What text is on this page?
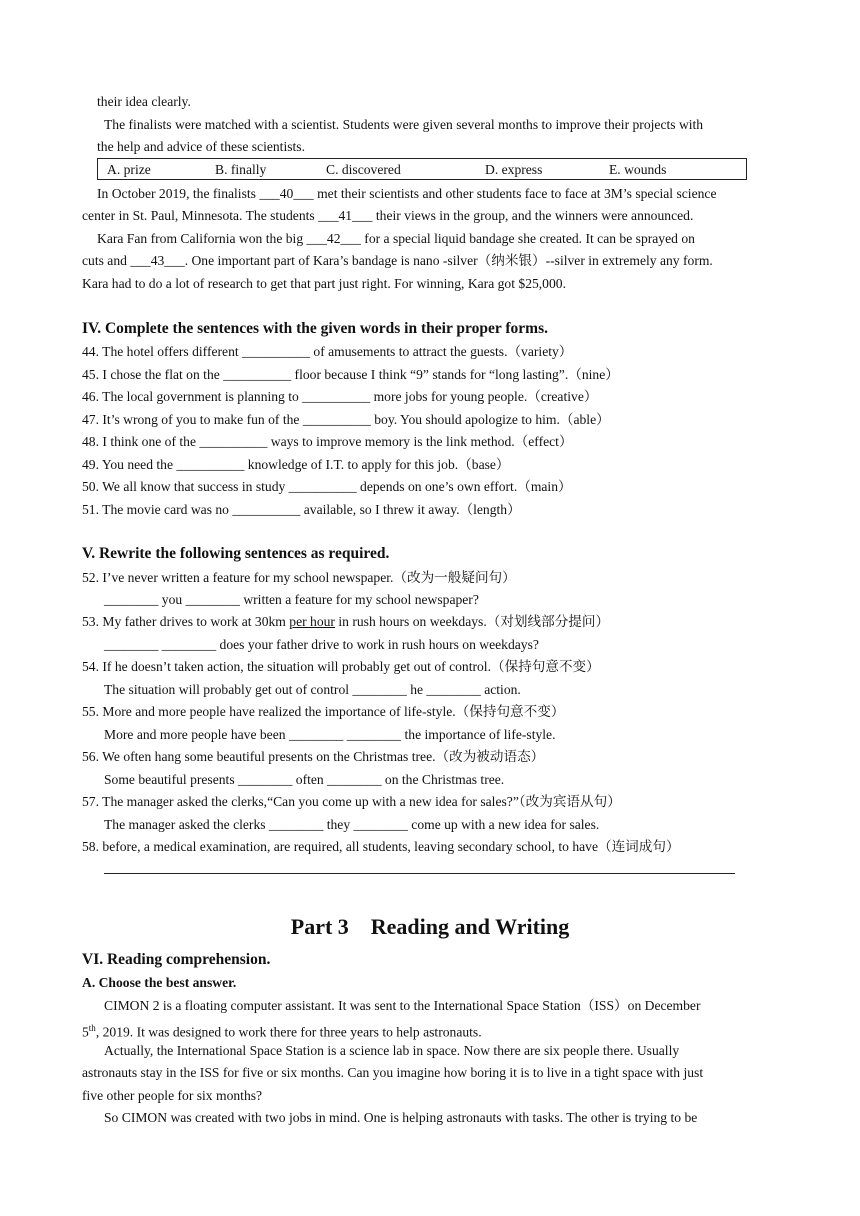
their idea clearly.
The finalists were matched with a scientist. Students were given several months to improve their projects with
the help and advice of these scientists.
A. prize	B. finally	C. discovered	D. express	E. wounds
In October 2019, the finalists ___40___ met their scientists and other students face to face at 3M’s special science
center in St. Paul, Minnesota. The students ___41___ their views in the group, and the winners were announced.
Kara Fan from California won the big ___42___ for a special liquid bandage she created. It can be sprayed on
cuts and ___43___. One important part of Kara’s bandage is nano -silver（纳米银）--silver in extremely any form.
Kara had to do a lot of research to get that part just right. For winning, Kara got $25,000.
IV. Complete the sentences with the given words in their proper forms.
44. The hotel offers different __________ of amusements to attract the guests.（variety）
45. I chose the flat on the __________ floor because I think “9” stands for “long lasting”.（nine）
46. The local government is planning to __________ more jobs for young people.（creative）
47. It’s wrong of you to make fun of the __________ boy. You should apologize to him.（able）
48. I think one of the __________ ways to improve memory is the link method.（effect）
49. You need the __________ knowledge of I.T. to apply for this job.（base）
50. We all know that success in study __________ depends on one’s own effort.（main）
51. The movie card was no __________ available, so I threw it away.（length）
V. Rewrite the following sentences as required.
52. I’ve never written a feature for my school newspaper.（改为一般疑问句）
________ you ________ written a feature for my school newspaper?
53. My father drives to work at 30km per hour in rush hours on weekdays.（对划线部分提问）
________ ________ does your father drive to work in rush hours on weekdays?
54. If he doesn’t taken action, the situation will probably get out of control.（保持句意不变）
The situation will probably get out of control ________ he ________ action.
55. More and more people have realized the importance of life-style.（保持句意不变）
More and more people have been ________ ________ the importance of life-style.
56. We often hang some beautiful presents on the Christmas tree.（改为被动语态）
Some beautiful presents ________ often ________ on the Christmas tree.
57. The manager asked the clerks,“Can you come up with a new idea for sales?”（改为宾语从句）
The manager asked the clerks ________ they ________ come up with a new idea for sales.
58. before, a medical examination, are required, all students, leaving secondary school, to have（连词成句）
Part 3    Reading and Writing
VI. Reading comprehension.
A. Choose the best answer.
CIMON 2 is a floating computer assistant. It was sent to the International Space Station（ISS）on December
5th, 2019. It was designed to work there for three years to help astronauts.
Actually, the International Space Station is a science lab in space. Now there are six people there. Usually
astronauts stay in the ISS for five or six months. Can you imagine how boring it is to live in a tight space with just
five other people for six months?
So CIMON was created with two jobs in mind. One is helping astronauts with tasks. The other is trying to be
